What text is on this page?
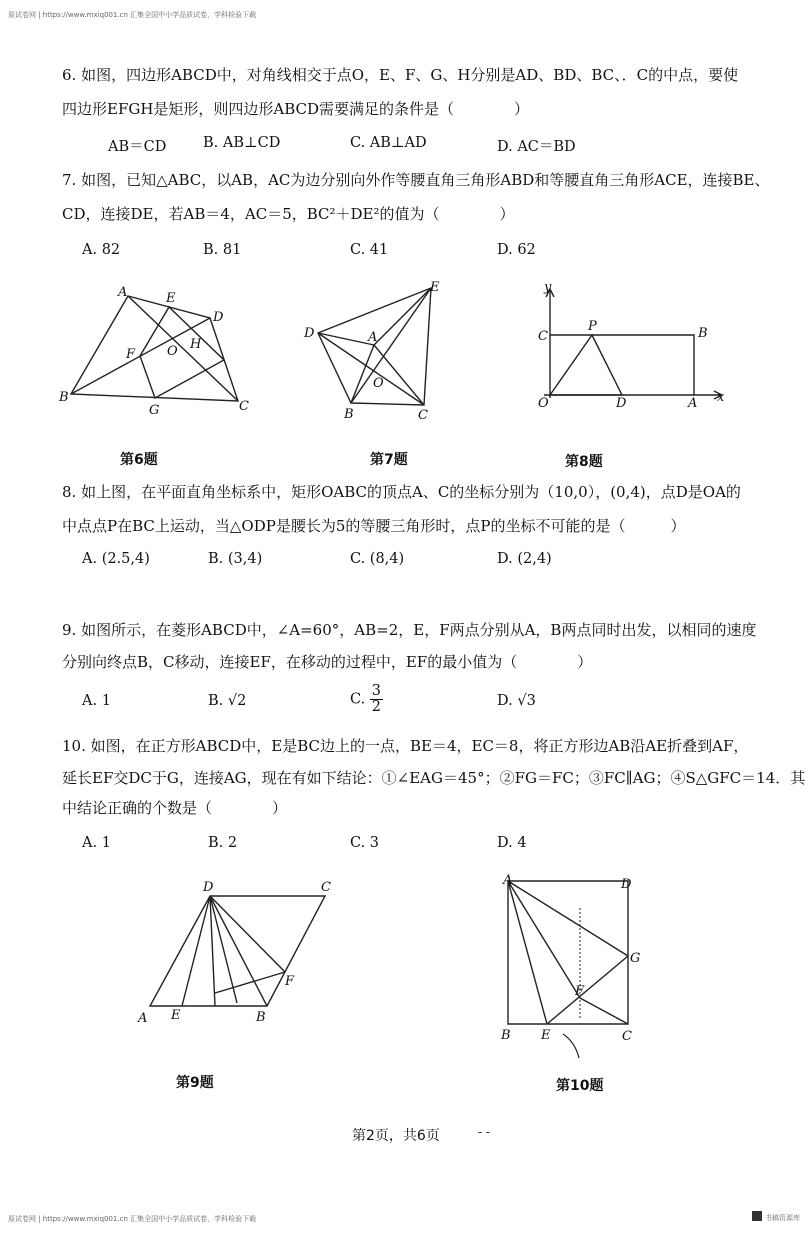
原试卷网 | https://www.mxiq001.cn 汇集全国中小学品质试卷，学科检验下载
6. 如图，四边形ABCD中，对角线相交于点O，E、F、G、H分别是AD、BD、BC、．C的中点，要使
四边形EFGH是矩形，则四边形ABCD需要满足的条件是（　　　　）
AB＝CD	B. AB⊥CD	C. AB⊥AD	D. AC＝BD
7. 如图，已知△ABC，以AB，AC为边分别向外作等腰直角三角形ABD和等腰直角三角形ACE，连接BE、
CD，连接DE，若AB＝4，AC＝5，BC²＋DE²的值为（　　　　）
A. 82	B. 81	C. 41	D. 62
A	E
D
F O H
B
G	C
第6题
E
D	A
O
B	C
第7题
y
x
C
P	B
O	D	A
第8题
8. 如上图，在平面直角坐标系中，矩形OABC的顶点A、C的坐标分别为（10,0），(0,4)，点D是OA的
中点点P在BC上运动，当△ODP是腰长为5的等腰三角形时，点P的坐标不可能的是（　　　）
A. (2.5,4)	B. (3,4)	C. (8,4)	D. (2,4)
9. 如图所示，在菱形ABCD中，∠A=60°，AB=2，E，F两点分别从A，B两点同时出发，以相同的速度
分别向终点B，C移动，连接EF，在移动的过程中，EF的最小值为（　　　　）
A. 1	B. √2	C. $\frac{3}{2}$	D. √3
10. 如图，在正方形ABCD中，E是BC边上的一点，BE＝4，EC＝8，将正方形边AB沿AE折叠到AF，
延长EF交DC于G，连接AG，现在有如下结论：①∠EAG＝45°；②FG＝FC；③FC∥AG；④S△GFC＝14．其
中结论正确的个数是（　　　　）
A. 1	B. 2	C. 3	D. 4
D	C
F
A E	B
第9题
A	D
G
F
B E	C
第10题
第2页，共6页	- -
原试卷网 | https://www.mxiq001.cn 汇集全国中小学品质试卷，学科检验下载	书稿资源库
